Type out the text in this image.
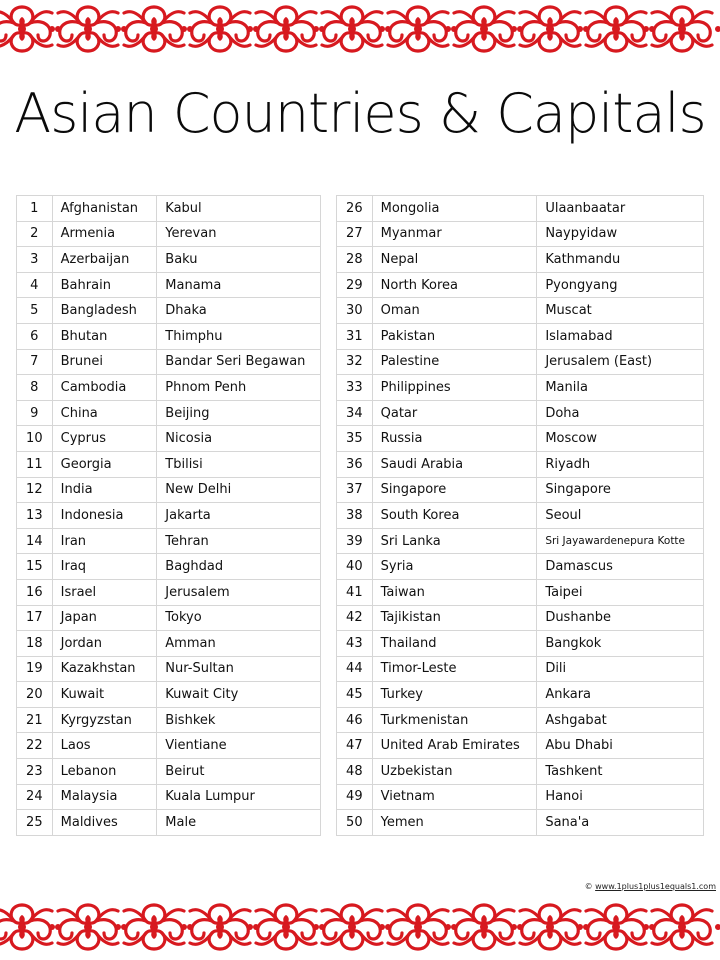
Asian Countries & Capitals
1	Afghanistan	Kabul
2	Armenia	Yerevan
3	Azerbaijan	Baku
4	Bahrain	Manama
5	Bangladesh	Dhaka
6	Bhutan	Thimphu
7	Brunei	Bandar Seri Begawan
8	Cambodia	Phnom Penh
9	China	Beijing
10	Cyprus	Nicosia
11	Georgia	Tbilisi
12	India	New Delhi
13	Indonesia	Jakarta
14	Iran	Tehran
15	Iraq	Baghdad
16	Israel	Jerusalem
17	Japan	Tokyo
18	Jordan	Amman
19	Kazakhstan	Nur-Sultan
20	Kuwait	Kuwait City
21	Kyrgyzstan	Bishkek
22	Laos	Vientiane
23	Lebanon	Beirut
24	Malaysia	Kuala Lumpur
25	Maldives	Male
26	Mongolia	Ulaanbaatar
27	Myanmar	Naypyidaw
28	Nepal	Kathmandu
29	North Korea	Pyongyang
30	Oman	Muscat
31	Pakistan	Islamabad
32	Palestine	Jerusalem (East)
33	Philippines	Manila
34	Qatar	Doha
35	Russia	Moscow
36	Saudi Arabia	Riyadh
37	Singapore	Singapore
38	South Korea	Seoul
39	Sri Lanka	Sri Jayawardenepura Kotte
40	Syria	Damascus
41	Taiwan	Taipei
42	Tajikistan	Dushanbe
43	Thailand	Bangkok
44	Timor-Leste	Dili
45	Turkey	Ankara
46	Turkmenistan	Ashgabat
47	United Arab Emirates	Abu Dhabi
48	Uzbekistan	Tashkent
49	Vietnam	Hanoi
50	Yemen	Sana'a
© www.1plus1plus1equals1.com
